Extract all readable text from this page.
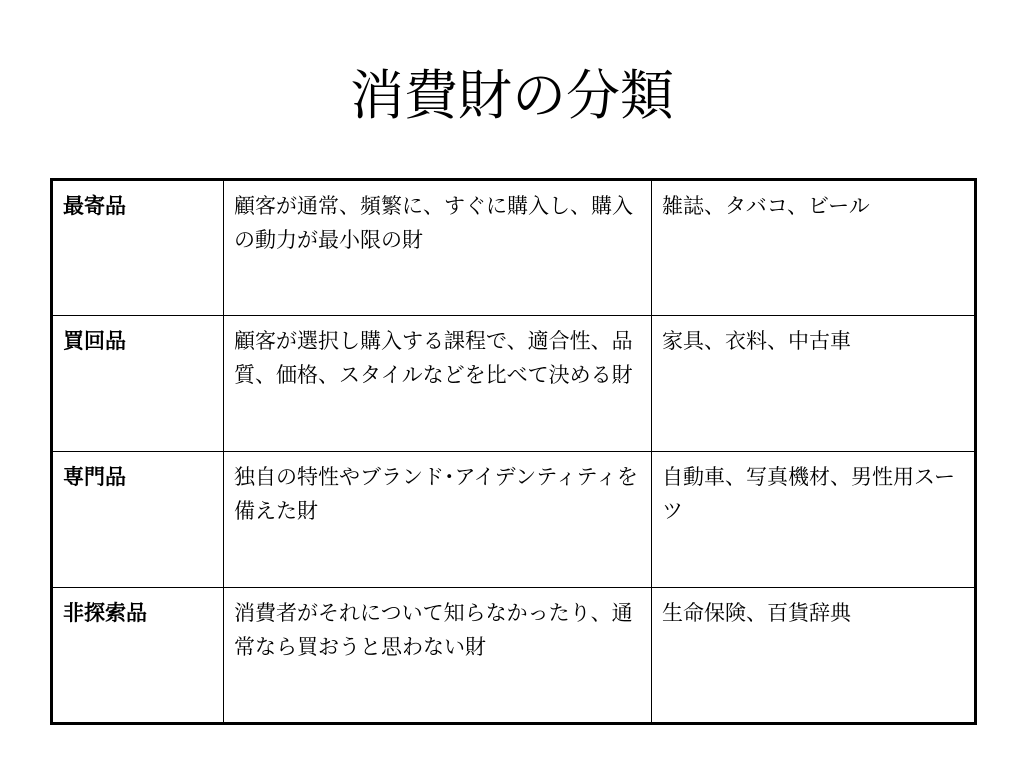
消費財の分類
最寄品	顧客が通常、頻繁に、すぐに購入し、購入の動力が最小限の財	雑誌、タバコ、ビール
買回品	顧客が選択し購入する課程で、適合性、品質、価格、スタイルなどを比べて決める財	家具、衣料、中古車
専門品	独自の特性やブランド･アイデンティティを備えた財	自動車、写真機材、男性用スーツ
非探索品	消費者がそれについて知らなかったり、通常なら買おうと思わない財	生命保険、百貨辞典
